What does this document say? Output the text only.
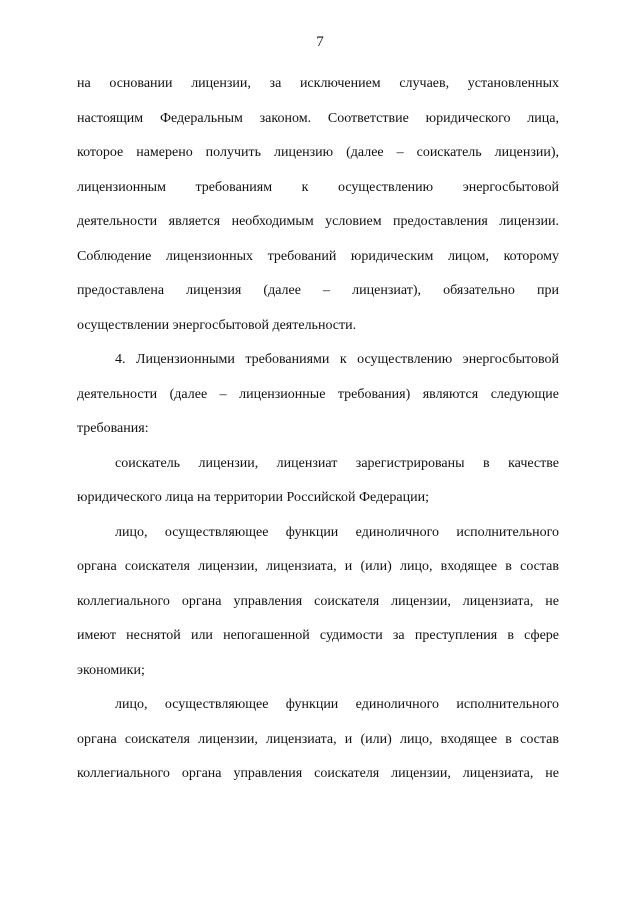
7
на основании лицензии, за исключением случаев, установленных
настоящим Федеральным законом. Соответствие юридического лица,
которое намерено получить лицензию (далее – соискатель лицензии),
лицензионным требованиям к осуществлению энергосбытовой
деятельности является необходимым условием предоставления лицензии.
Соблюдение лицензионных требований юридическим лицом, которому
предоставлена лицензия (далее – лицензиат), обязательно при
осуществлении энергосбытовой деятельности.
4. Лицензионными требованиями к осуществлению энергосбытовой
деятельности (далее – лицензионные требования) являются следующие
требования:
соискатель лицензии, лицензиат зарегистрированы в качестве
юридического лица на территории Российской Федерации;
лицо, осуществляющее функции единоличного исполнительного
органа соискателя лицензии, лицензиата, и (или) лицо, входящее в состав
коллегиального органа управления соискателя лицензии, лицензиата, не
имеют неснятой или непогашенной судимости за преступления в сфере
экономики;
лицо, осуществляющее функции единоличного исполнительного
органа соискателя лицензии, лицензиата, и (или) лицо, входящее в состав
коллегиального органа управления соискателя лицензии, лицензиата, не
